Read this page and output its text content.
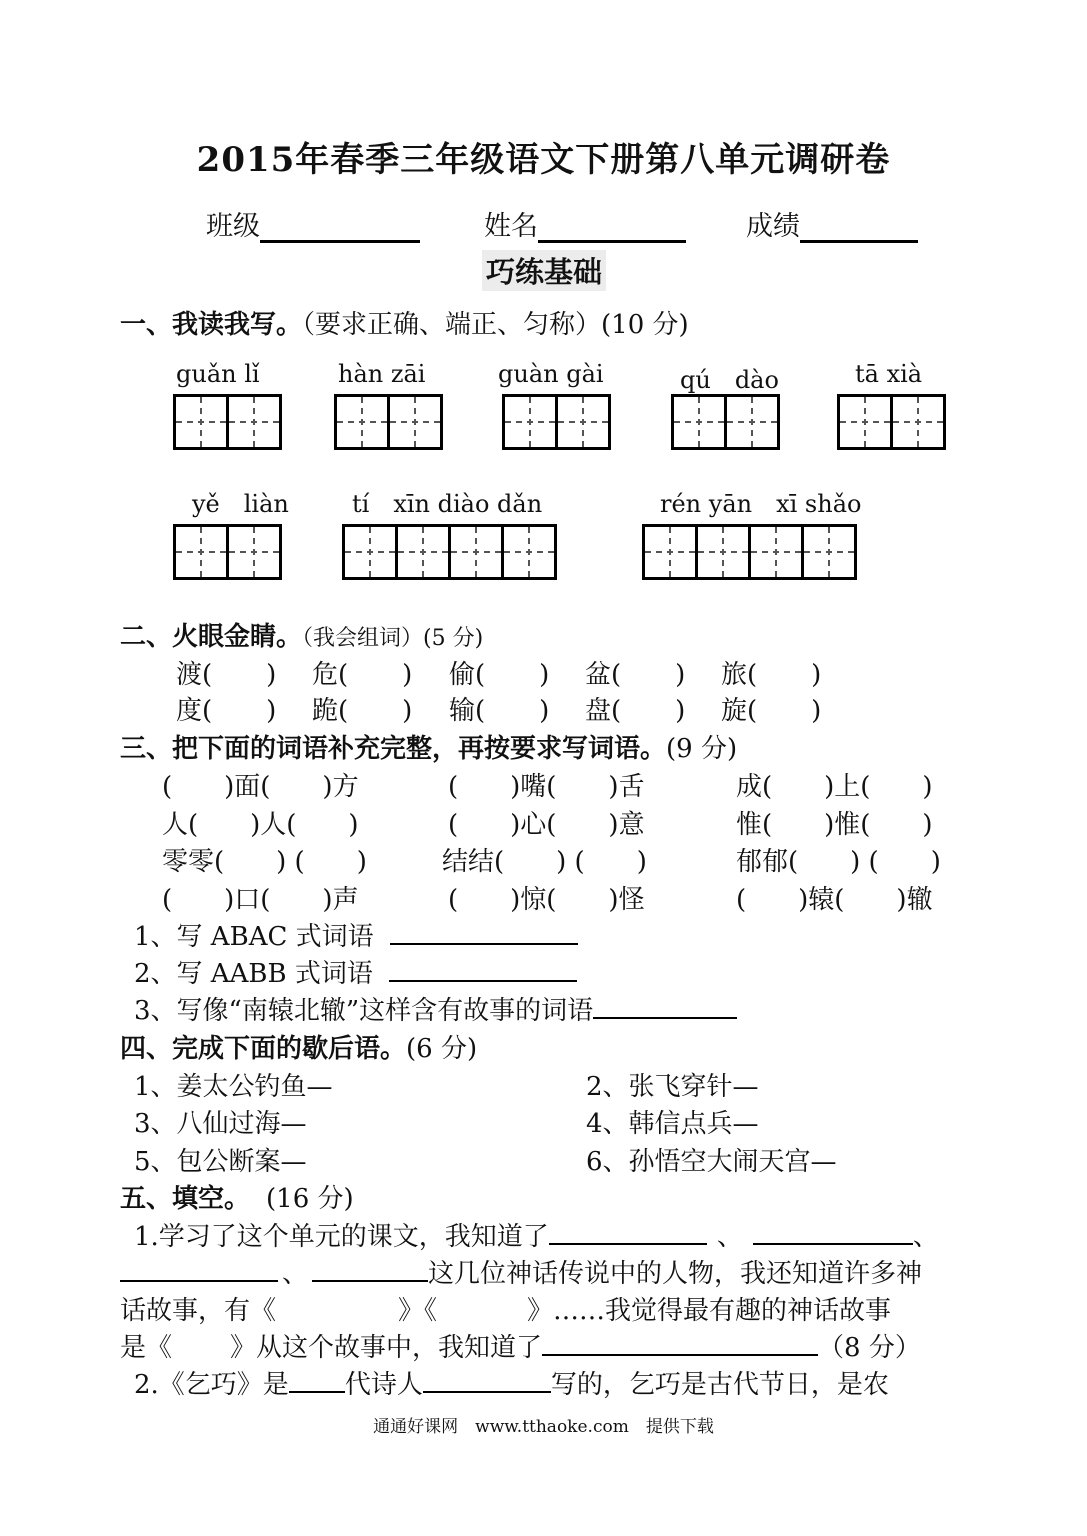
2015年春季三年级语文下册第八单元调研卷
班级	姓名	成绩
巧练基础
一、我读我写。（要求正确、端正、匀称）(10 分)
guǎn lǐ	hàn zāi	guàn gài	qú　dào	tā xià
yě　liàn	tí　xīn diào dǎn	rén yān　xī shǎo
二、火眼金睛。（我会组词）(5 分)
渡( ) 危( ) 偷( ) 盆( ) 旅( )
度( ) 跪( ) 输( ) 盘( ) 旋( )
三、把下面的词语补充完整，再按要求写词语。(9 分)
(　　)面(　　)方	(　　)嘴(　　)舌	成(　　)上(　　)
人(　　)人(　　)	(　　)心(　　)意	惟(　　)惟(　　)
零零(　　) (　　)	结结(　　) (　　)	郁郁(　　) (　　)
(　　)口(　　)声	(　　)惊(　　)怪	(　　)辕(　　)辙
1、写 ABAC 式词语
2、写 AABB 式词语
3、写像“南辕北辙”这样含有故事的词语
四、完成下面的歇后语。(6 分)
1、姜太公钓鱼—	2、张飞穿针—
3、八仙过海—	4、韩信点兵—
5、包公断案—	6、孙悟空大闹天宫—
五、填空。 (16 分)
1.学习了这个单元的课文，我知道了	、	、
、	这几位神话传说中的人物，我还知道许多神
话故事，有《	》《	》……我觉得最有趣的神话故事
是《 》从这个故事中，我知道了	（8 分）
2.《乞巧》是 代诗人	写的，乞巧是古代节日，是农
通通好课网　www.tthaoke.com　提供下载
